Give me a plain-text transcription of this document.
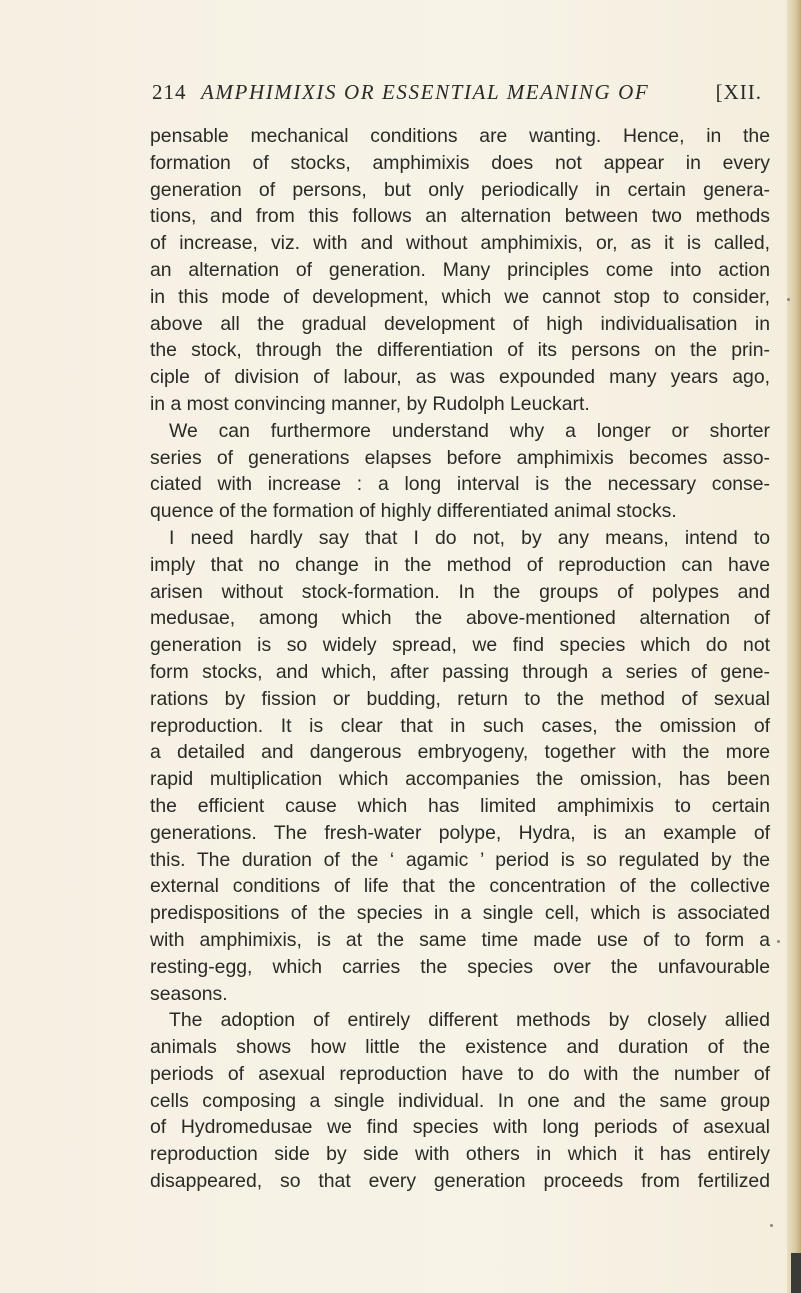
214 AMPHIMIXIS OR ESSENTIAL MEANING OF	[XII.
pensable mechanical conditions are wanting. Hence, in the
formation of stocks, amphimixis does not appear in every
generation of persons, but only periodically in certain genera-
tions, and from this follows an alternation between two methods
of increase, viz. with and without amphimixis, or, as it is called,
an alternation of generation. Many principles come into action
in this mode of development, which we cannot stop to consider,
above all the gradual development of high individualisation in
the stock, through the differentiation of its persons on the prin-
ciple of division of labour, as was expounded many years ago,
in a most convincing manner, by Rudolph Leuckart.
We can furthermore understand why a longer or shorter
series of generations elapses before amphimixis becomes asso-
ciated with increase : a long interval is the necessary conse-
quence of the formation of highly differentiated animal stocks.
I need hardly say that I do not, by any means, intend to
imply that no change in the method of reproduction can have
arisen without stock-formation. In the groups of polypes and
medusae, among which the above-mentioned alternation of
generation is so widely spread, we find species which do not
form stocks, and which, after passing through a series of gene-
rations by fission or budding, return to the method of sexual
reproduction. It is clear that in such cases, the omission of
a detailed and dangerous embryogeny, together with the more
rapid multiplication which accompanies the omission, has been
the efficient cause which has limited amphimixis to certain
generations. The fresh-water polype, Hydra, is an example of
this. The duration of the ‘ agamic ’ period is so regulated by the
external conditions of life that the concentration of the collective
predispositions of the species in a single cell, which is associated
with amphimixis, is at the same time made use of to form a
resting-egg, which carries the species over the unfavourable
seasons.
The adoption of entirely different methods by closely allied
animals shows how little the existence and duration of the
periods of asexual reproduction have to do with the number of
cells composing a single individual. In one and the same group
of Hydromedusae we find species with long periods of asexual
reproduction side by side with others in which it has entirely
disappeared, so that every generation proceeds from fertilized
